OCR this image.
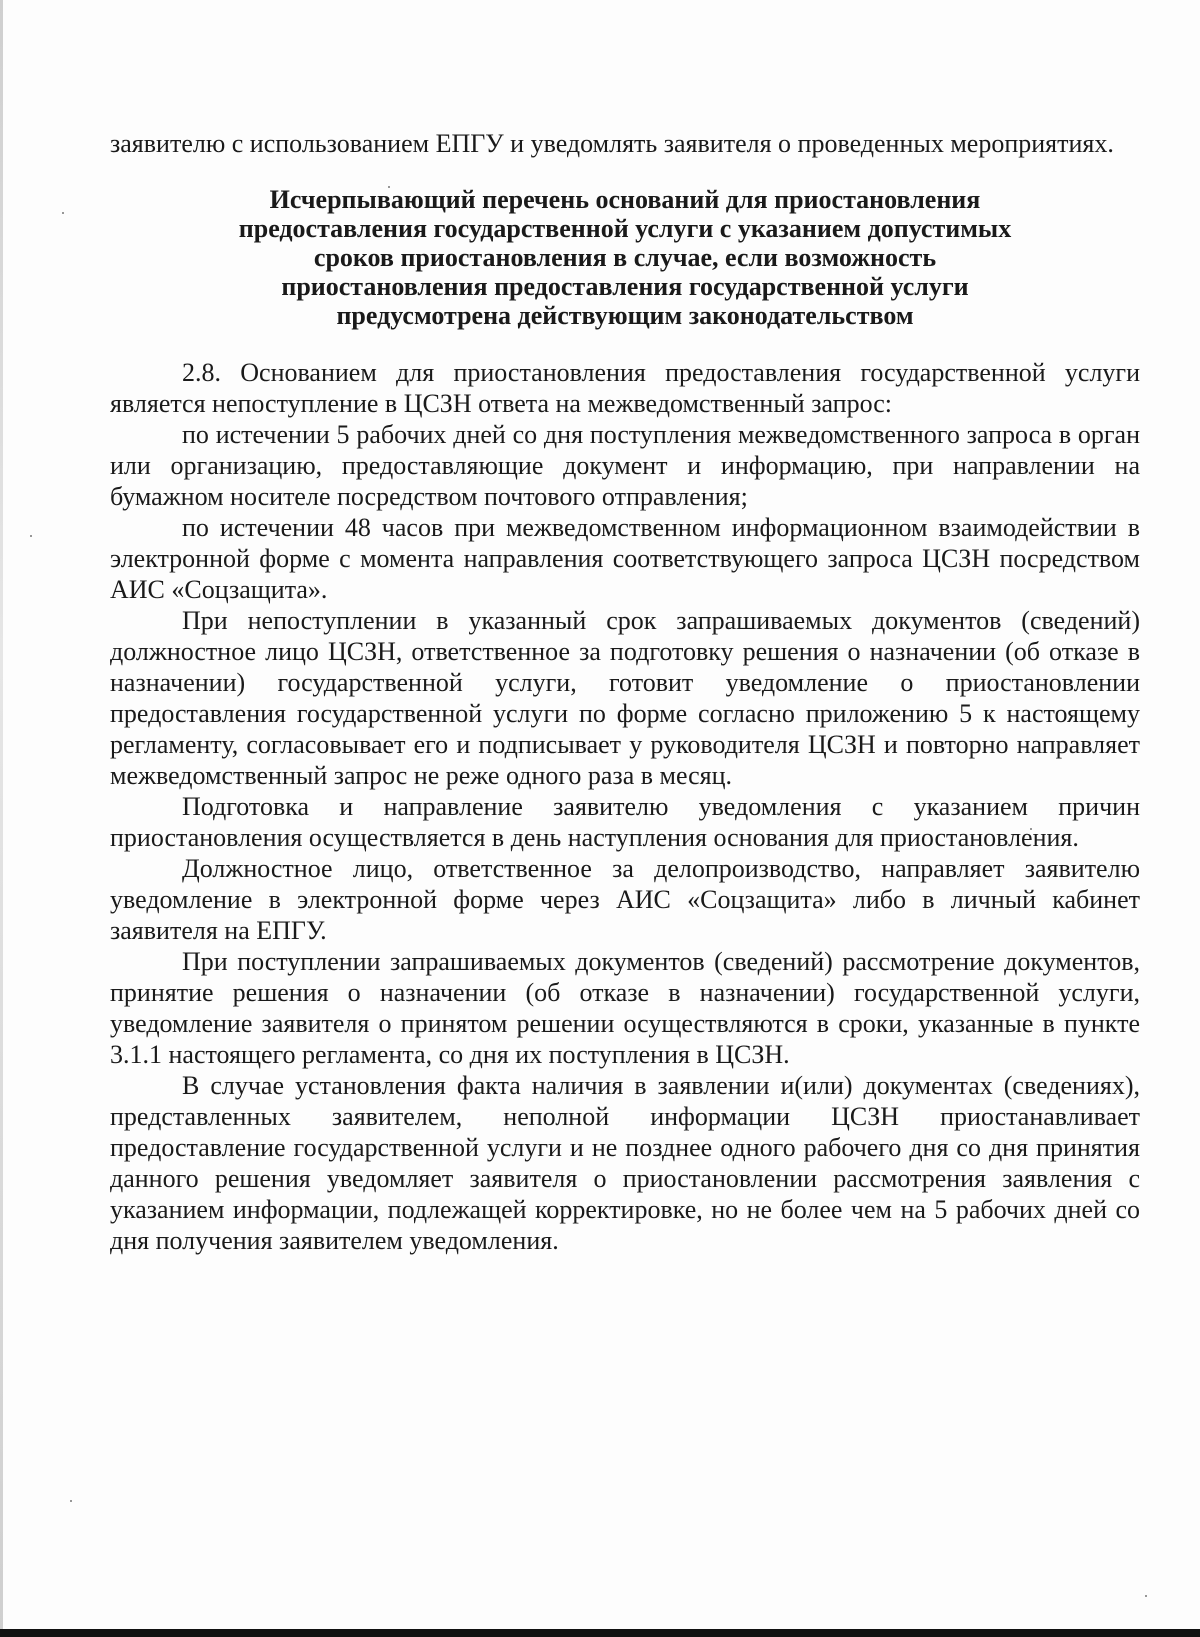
заявителю с использованием ЕПГУ и уведомлять заявителя о проведенных мероприятиях.

Исчерпывающий перечень оснований для приостановления
предоставления государственной услуги с указанием допустимых
сроков приостановления в случае, если возможность
приостановления предоставления государственной услуги
предусмотрена действующим законодательством

2.8. Основанием для приостановления предоставления государственной услуги является непоступление в ЦСЗН ответа на межведомственный запрос:

по истечении 5 рабочих дней со дня поступления межведомственного запроса в орган или организацию, предоставляющие документ и информацию, при направлении на бумажном носителе посредством почтового отправления;

по истечении 48 часов при межведомственном информационном взаимодействии в электронной форме с момента направления соответствующего запроса ЦСЗН посредством АИС «Соцзащита».

При непоступлении в указанный срок запрашиваемых документов (сведений) должностное лицо ЦСЗН, ответственное за подготовку решения о назначении (об отказе в назначении) государственной услуги, готовит уведомление о приостановлении предоставления государственной услуги по форме согласно приложению 5 к настоящему регламенту, согласовывает его и подписывает у руководителя ЦСЗН и повторно направляет межведомственный запрос не реже одного раза в месяц.

Подготовка и направление заявителю уведомления с указанием причин приостановления осуществляется в день наступления основания для приостановления.

Должностное лицо, ответственное за делопроизводство, направляет заявителю уведомление в электронной форме через АИС «Соцзащита» либо в личный кабинет заявителя на ЕПГУ.

При поступлении запрашиваемых документов (сведений) рассмотрение документов, принятие решения о назначении (об отказе в назначении) государственной услуги, уведомление заявителя о принятом решении осуществляются в сроки, указанные в пункте 3.1.1 настоящего регламента, со дня их поступления в ЦСЗН.

В случае установления факта наличия в заявлении и(или) документах (сведениях), представленных заявителем, неполной информации ЦСЗН приостанавливает предоставление государственной услуги и не позднее одного рабочего дня со дня принятия данного решения уведомляет заявителя о приостановлении рассмотрения заявления с указанием информации, подлежащей корректировке, но не более чем на 5 рабочих дней со дня получения заявителем уведомления.
